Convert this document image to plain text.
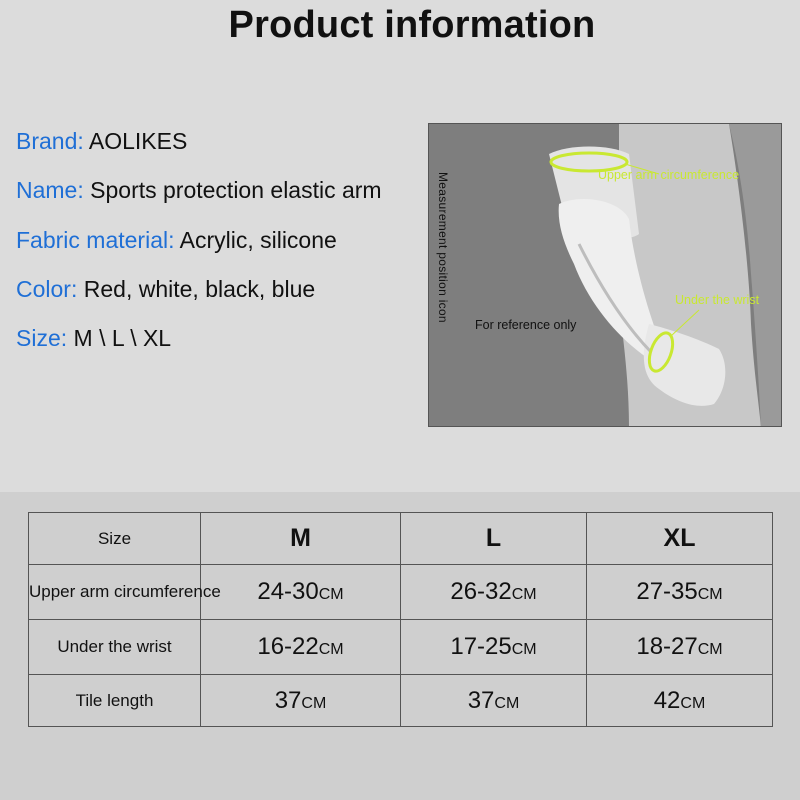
Product information
Brand: AOLIKES
Name: Sports protection elastic arm
Fabric material: Acrylic, silicone
Color: Red, white, black, blue
Size: M \ L \ XL
Measurement position icon	Upper arm circumference
Under the wrist
For reference only
Size	M	L	XL
Upper arm circumference	24-30CM	26-32CM	27-35CM
Under the wrist	16-22CM	17-25CM	18-27CM
Tile length	37CM	37CM	42CM
